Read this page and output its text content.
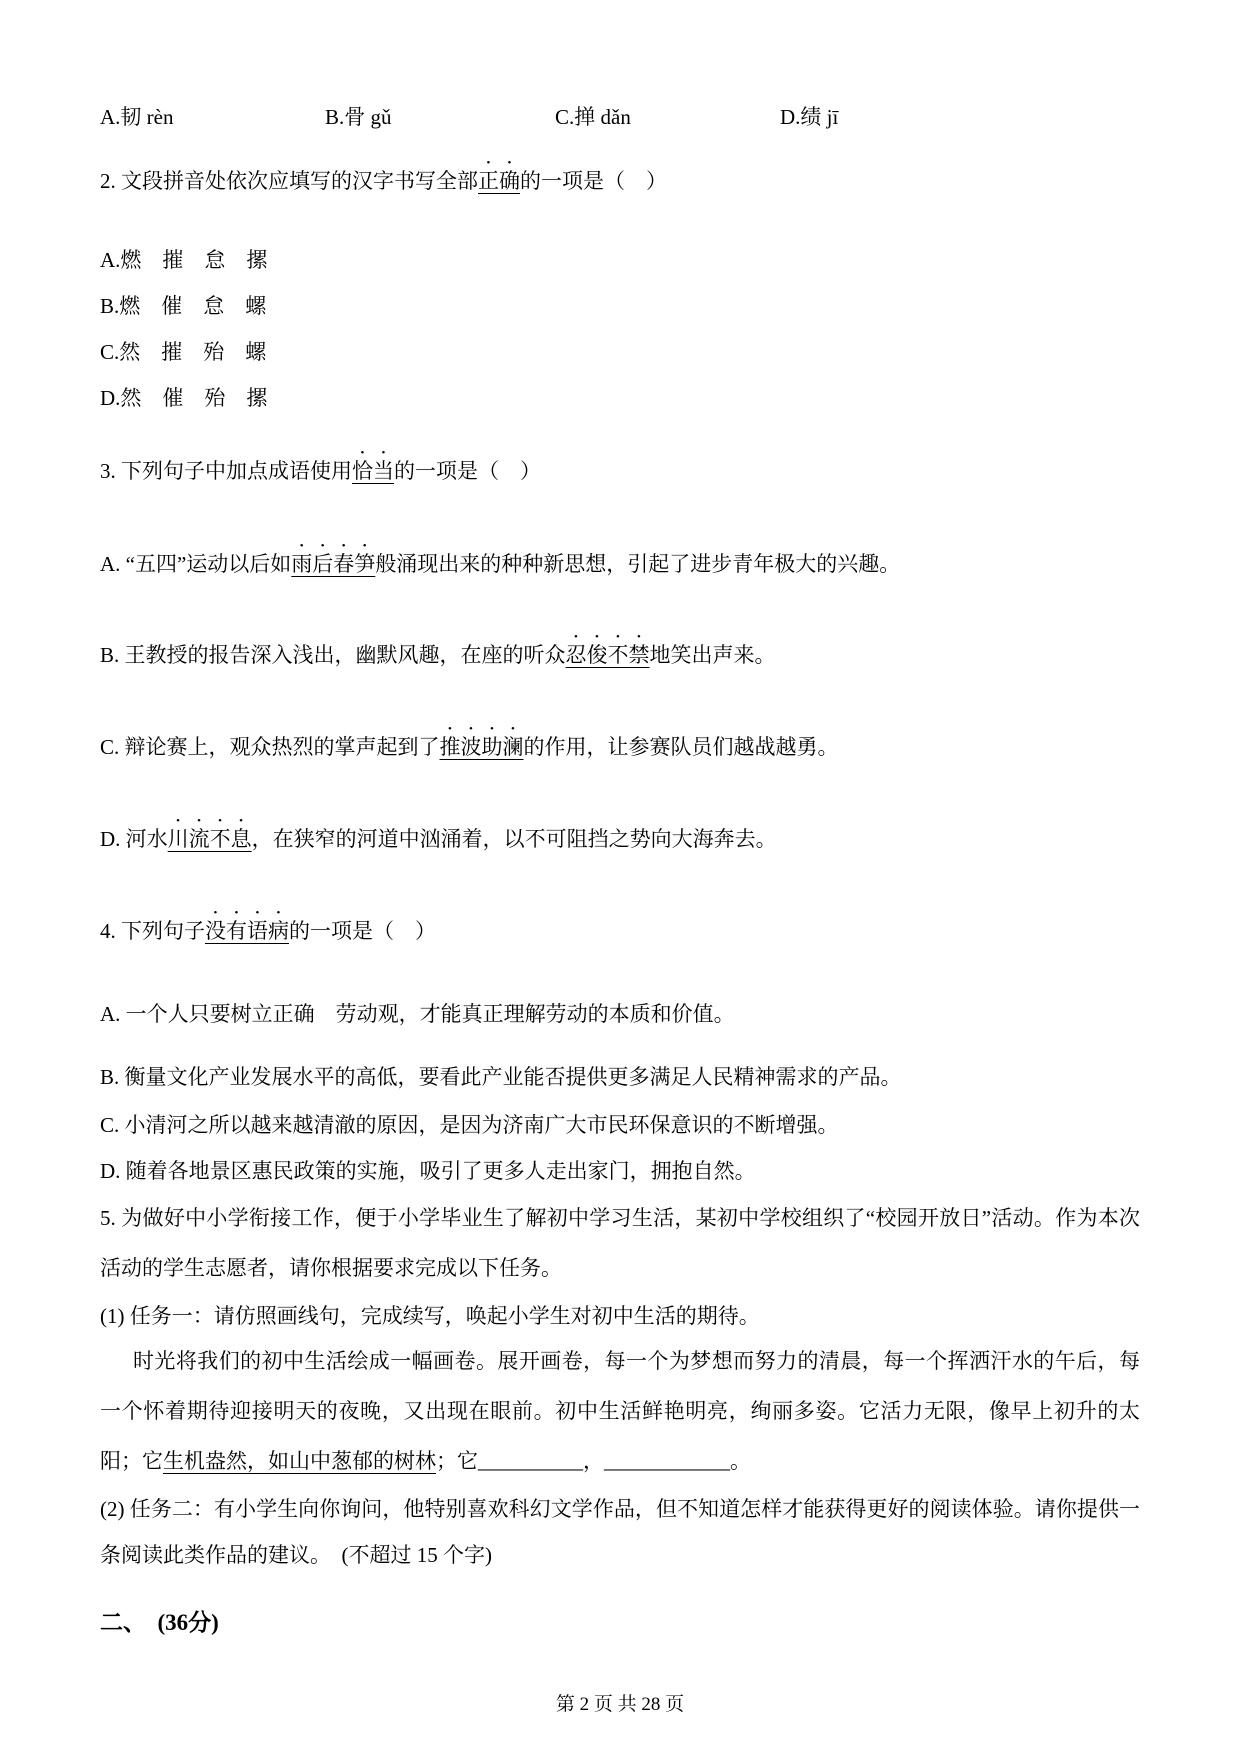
A.韧 rèn	B.骨 gǔ	C.掸 dǎn	D.绩 jī
2. 文段拼音处依次应填写的汉字书写全部正确的一项是（　）
A.燃　摧　怠　摞
B.燃　催　怠　螺
C.然　摧　殆　螺
D.然　催　殆　摞
3. 下列句子中加点成语使用恰当的一项是（　）
A. “五四”运动以后如雨后春笋般涌现出来的种种新思想，引起了进步青年极大的兴趣。
B. 王教授的报告深入浅出，幽默风趣，在座的听众忍俊不禁地笑出声来。
C. 辩论赛上，观众热烈的掌声起到了推波助澜的作用，让参赛队员们越战越勇。
D. 河水川流不息，在狭窄的河道中汹涌着，以不可阻挡之势向大海奔去。
4. 下列句子没有语病的一项是（　）
A. 一个人只要树立正确　劳动观，才能真正理解劳动的本质和价值。
B. 衡量文化产业发展水平的高低，要看此产业能否提供更多满足人民精神需求的产品。
C. 小清河之所以越来越清澈的原因，是因为济南广大市民环保意识的不断增强。
D. 随着各地景区惠民政策的实施，吸引了更多人走出家门，拥抱自然。
5. 为做好中小学衔接工作，便于小学毕业生了解初中学习生活，某初中学校组织了“校园开放日”活动。作为本次活动的学生志愿者，请你根据要求完成以下任务。
(1) 任务一：请仿照画线句，完成续写，唤起小学生对初中生活的期待。
时光将我们的初中生活绘成一幅画卷。展开画卷，每一个为梦想而努力的清晨，每一个挥洒汗水的午后，每一个怀着期待迎接明天的夜晚，又出现在眼前。初中生活鲜艳明亮，绚丽多姿。它活力无限，像早上初升的太阳；它生机盎然，如山中葱郁的树林；它__________，____________。
(2) 任务二：有小学生向你询问，他特别喜欢科幻文学作品，但不知道怎样才能获得更好的阅读体验。请你提供一条阅读此类作品的建议。　(不超过 15 个字)
二、　(36分)
第 2 页 共 28 页
